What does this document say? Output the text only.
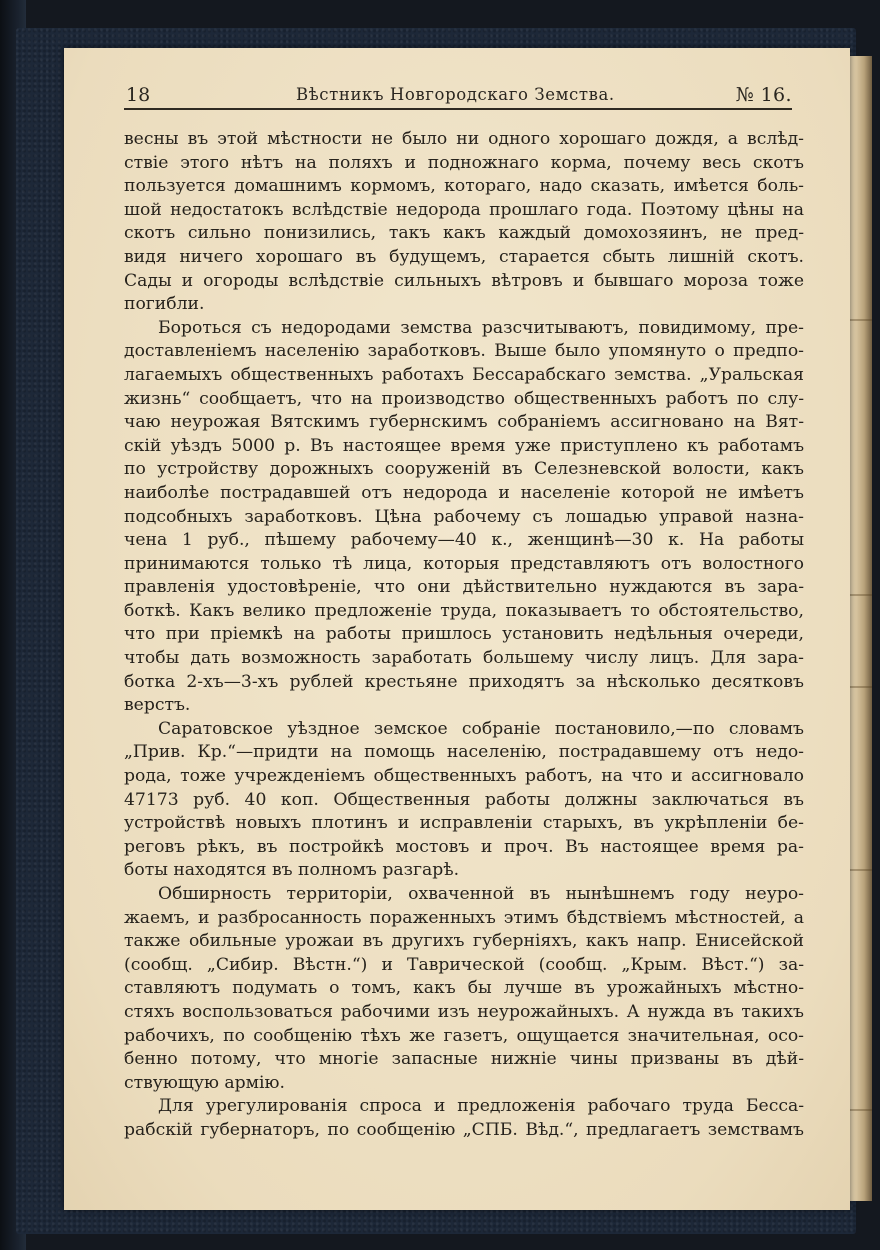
18	Вѣстникъ Новгородскаго Земства.	№ 16.
весны въ этой мѣстности не было ни одного хорошаго дождя, а вслѣд-
ствіе этого нѣтъ на поляхъ и подножнаго корма, почему весь скотъ
пользуется домашнимъ кормомъ, котораго, надо сказать, имѣется боль-
шой недостатокъ вслѣдствіе недорода прошлаго года. Поэтому цѣны на
скотъ сильно понизились, такъ какъ каждый домохозяинъ, не пред-
видя ничего хорошаго въ будущемъ, старается сбыть лишній скотъ.
Сады и огороды вслѣдствіе сильныхъ вѣтровъ и бывшаго мороза тоже
погибли.
Бороться съ недородами земства разсчитываютъ, повидимому, пре-
доставленіемъ населенію заработковъ. Выше было упомянуто о предпо-
лагаемыхъ общественныхъ работахъ Бессарабскаго земства. „Уральская
жизнь“ сообщаетъ, что на производство общественныхъ работъ по слу-
чаю неурожая Вятскимъ губернскимъ собраніемъ ассигновано на Вят-
скій уѣздъ 5000 р. Въ настоящее время уже приступлено къ работамъ
по устройству дорожныхъ сооруженій въ Селезневской волости, какъ
наиболѣе пострадавшей отъ недорода и населеніе которой не имѣетъ
подсобныхъ заработковъ. Цѣна рабочему съ лошадью управой назна-
чена 1 руб., пѣшему рабочему—40 к., женщинѣ—30 к. На работы
принимаются только тѣ лица, которыя представляютъ отъ волостного
правленія удостовѣреніе, что они дѣйствительно нуждаются въ зара-
боткѣ. Какъ велико предложеніе труда, показываетъ то обстоятельство,
что при пріемкѣ на работы пришлось установить недѣльныя очереди,
чтобы дать возможность заработать большему числу лицъ. Для зара-
ботка 2-хъ—3-хъ рублей крестьяне приходятъ за нѣсколько десятковъ
верстъ.
Саратовское уѣздное земское собраніе постановило,—по словамъ
„Прив. Кр.“—придти на помощь населенію, пострадавшему отъ недо-
рода, тоже учрежденіемъ общественныхъ работъ, на что и ассигновало
47173 руб. 40 коп. Общественныя работы должны заключаться въ
устройствѣ новыхъ плотинъ и исправленіи старыхъ, въ укрѣпленіи бе-
реговъ рѣкъ, въ постройкѣ мостовъ и проч. Въ настоящее время ра-
боты находятся въ полномъ разгарѣ.
Обширность территоріи, охваченной въ нынѣшнемъ году неуро-
жаемъ, и разбросанность пораженныхъ этимъ бѣдствіемъ мѣстностей, а
также обильные урожаи въ другихъ губерніяхъ, какъ напр. Енисейской
(сообщ. „Сибир. Вѣстн.“) и Таврической (сообщ. „Крым. Вѣст.“) за-
ставляютъ подумать о томъ, какъ бы лучше въ урожайныхъ мѣстно-
стяхъ воспользоваться рабочими изъ неурожайныхъ. А нужда въ такихъ
рабочихъ, по сообщенію тѣхъ же газетъ, ощущается значительная, осо-
бенно потому, что многіе запасные нижніе чины призваны въ дѣй-
ствующую армію.
Для урегулированія спроса и предложенія рабочаго труда Бесса-
рабскій губернаторъ, по сообщенію „СПБ. Вѣд.“, предлагаетъ земствамъ
